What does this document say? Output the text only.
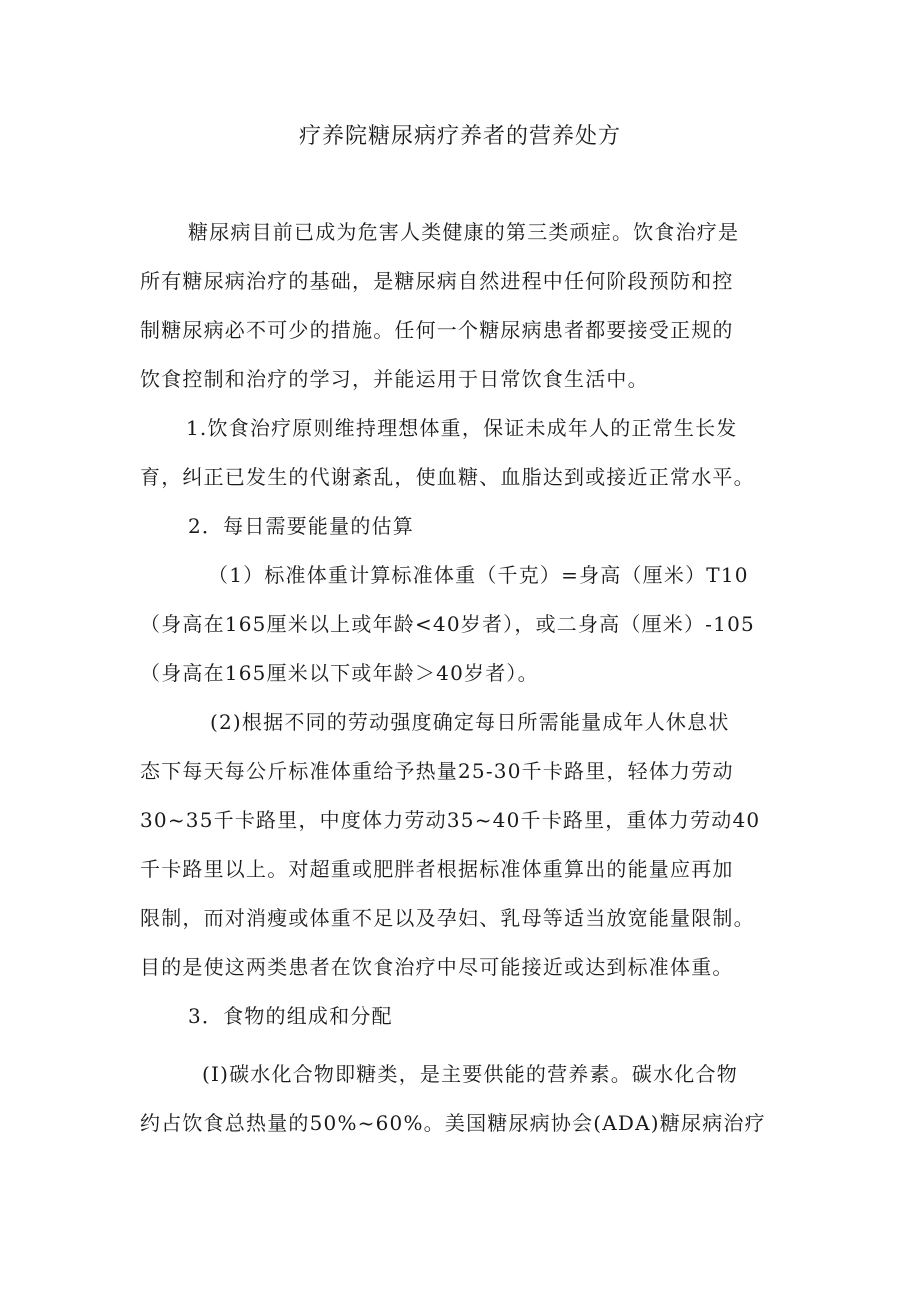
疗养院糖尿病疗养者的营养处方
糖尿病目前已成为危害人类健康的第三类顽症。饮食治疗是
所有糖尿病治疗的基础，是糖尿病自然进程中任何阶段预防和控
制糖尿病必不可少的措施。任何一个糖尿病患者都要接受正规的
饮食控制和治疗的学习，并能运用于日常饮食生活中。
1.饮食治疗原则维持理想体重，保证未成年人的正常生长发
育，纠正已发生的代谢紊乱，使血糖、血脂达到或接近正常水平。
2．每日需要能量的估算
（1）标准体重计算标准体重（千克）=身高（厘米）T10
（身高在165厘米以上或年龄<40岁者），或二身高（厘米）-105
（身高在165厘米以下或年龄＞40岁者）。
(2)根据不同的劳动强度确定每日所需能量成年人休息状
态下每天每公斤标准体重给予热量25-30千卡路里，轻体力劳动
30~35千卡路里，中度体力劳动35~40千卡路里，重体力劳动40
千卡路里以上。对超重或肥胖者根据标准体重算出的能量应再加
限制，而对消瘦或体重不足以及孕妇、乳母等适当放宽能量限制。
目的是使这两类患者在饮食治疗中尽可能接近或达到标准体重。
3．食物的组成和分配
(I)碳水化合物即糖类，是主要供能的营养素。碳水化合物
约占饮食总热量的50%~60%。美国糖尿病协会(ADA)糖尿病治疗
